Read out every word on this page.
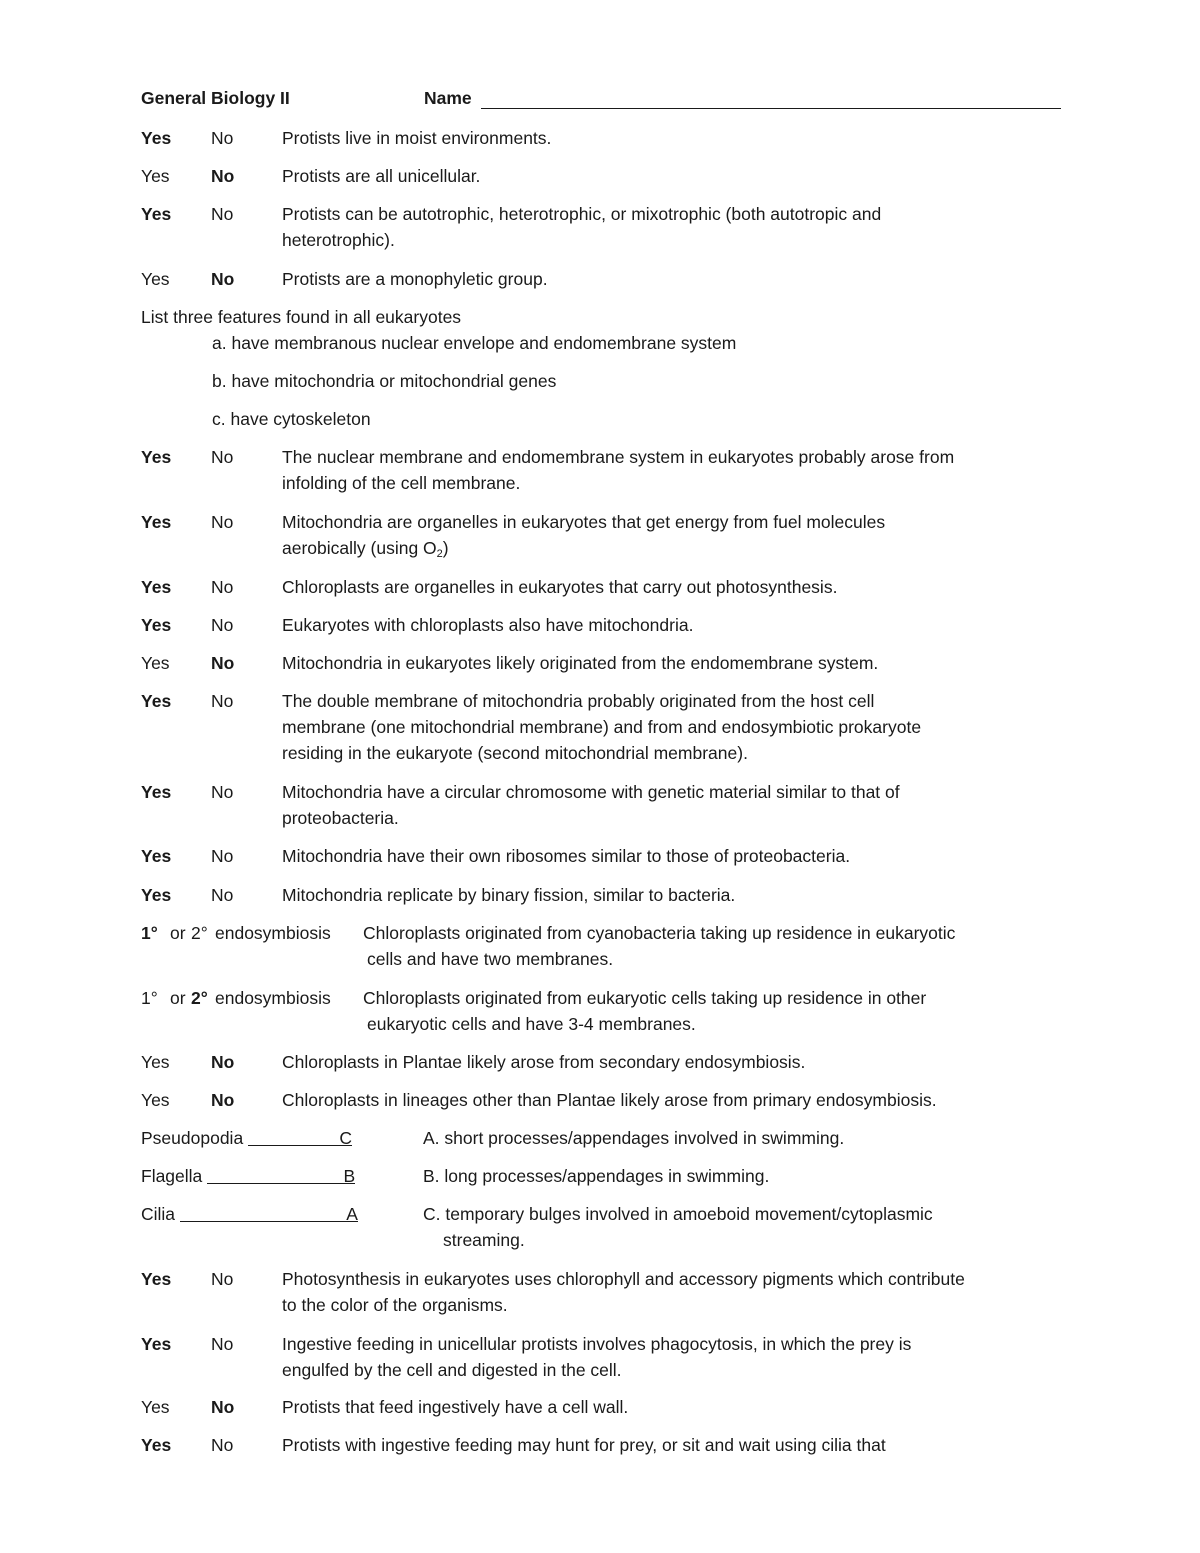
General Biology II	Name
Yes No	Protists live in moist environments.
Yes No	Protists are all unicellular.
Yes No	Protists can be autotrophic, heterotrophic, or mixotrophic (both autotropic and
heterotrophic).
Yes No	Protists are a monophyletic group.
List three features found in all eukaryotes
a. have membranous nuclear envelope and endomembrane system
b. have mitochondria or mitochondrial genes
c. have cytoskeleton
Yes No	The nuclear membrane and endomembrane system in eukaryotes probably arose from
infolding of the cell membrane.
Yes No	Mitochondria are organelles in eukaryotes that get energy from fuel molecules
aerobically (using $O_2$)
Yes No	Chloroplasts are organelles in eukaryotes that carry out photosynthesis.
Yes No	Eukaryotes with chloroplasts also have mitochondria.
Yes No	Mitochondria in eukaryotes likely originated from the endomembrane system.
Yes No	The double membrane of mitochondria probably originated from the host cell
membrane (one mitochondrial membrane) and from and endosymbiotic prokaryote
residing in the eukaryote (second mitochondrial membrane).
Yes No	Mitochondria have a circular chromosome with genetic material similar to that of
proteobacteria.
Yes No	Mitochondria have their own ribosomes similar to those of proteobacteria.
Yes No	Mitochondria replicate by binary fission, similar to bacteria.
1° or 2° endosymbiosis Chloroplasts originated from cyanobacteria taking up residence in eukaryotic
cells and have two membranes.
1° or 2° endosymbiosis Chloroplasts originated from eukaryotic cells taking up residence in other
eukaryotic cells and have 3-4 membranes.
Yes No	Chloroplasts in Plantae likely arose from secondary endosymbiosis.
Yes No	Chloroplasts in lineages other than Plantae likely arose from primary endosymbiosis.
Pseudopodia	C	A. short processes/appendages involved in swimming.
Flagella	B	B. long processes/appendages in swimming.
Cilia	A	C. temporary bulges involved in amoeboid movement/cytoplasmic
streaming.
Yes No	Photosynthesis in eukaryotes uses chlorophyll and accessory pigments which contribute
to the color of the organisms.
Yes No	Ingestive feeding in unicellular protists involves phagocytosis, in which the prey is
engulfed by the cell and digested in the cell.
Yes No	Protists that feed ingestively have a cell wall.
Yes No	Protists with ingestive feeding may hunt for prey, or sit and wait using cilia that
